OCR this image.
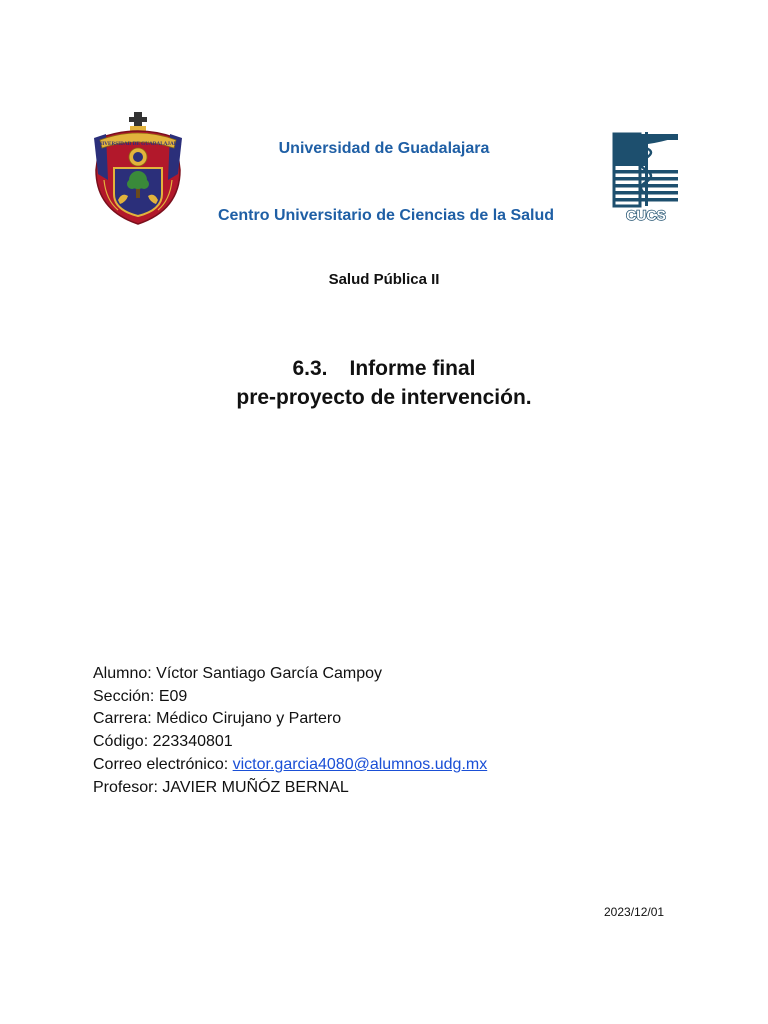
UNIVERSIDAD DE GUADALAJARA
CUCS
Universidad de Guadalajara
Centro Universitario de Ciencias de la Salud
Salud Pública II
6.3. Informe final
pre-proyecto de intervención.
Alumno: Víctor Santiago García Campoy
Sección: E09
Carrera: Médico Cirujano y Partero
Código: 223340801
Correo electrónico: victor.garcia4080@alumnos.udg.mx
Profesor: JAVIER MUÑÓZ BERNAL
2023/12/01
